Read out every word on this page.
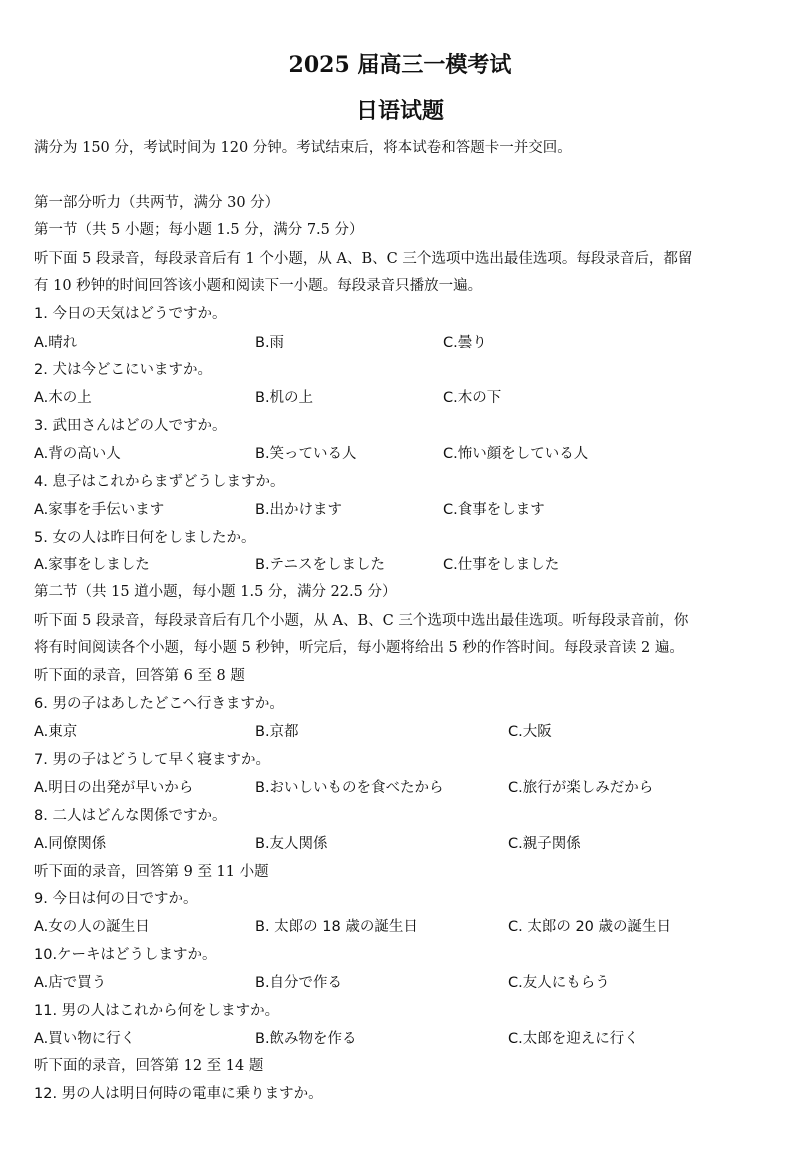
2025 届高三一模考试
日语试题
满分为 150 分，考试时间为 120 分钟。考试结束后，将本试卷和答题卡一并交回。
第一部分听力（共两节，满分 30 分）
第一节（共 5 小题；每小题 1.5 分，满分 7.5 分）
听下面 5 段录音，每段录音后有 1 个小题，从 A、B、C 三个选项中选出最佳选项。每段录音后，都留
有 10 秒钟的时间回答该小题和阅读下一小题。每段录音只播放一遍。
1. 今日の天気はどうですか。
A.晴れ	B.雨	C.曇り
2. 犬は今どこにいますか。
A.木の上	B.机の上	C.木の下
3. 武田さんはどの人ですか。
A.背の高い人	B.笑っている人	C.怖い顔をしている人
4. 息子はこれからまずどうしますか。
A.家事を手伝います	B.出かけます	C.食事をします
5. 女の人は昨日何をしましたか。
A.家事をしました	B.テニスをしました	C.仕事をしました
第二节（共 15 道小题，每小题 1.5 分，满分 22.5 分）
听下面 5 段录音，每段录音后有几个小题，从 A、B、C 三个选项中选出最佳选项。听每段录音前，你
将有时间阅读各个小题，每小题 5 秒钟，听完后，每小题将给出 5 秒的作答时间。每段录音读 2 遍。
听下面的录音，回答第 6 至 8 题
6. 男の子はあしたどこへ行きますか。
A.東京	B.京都	C.大阪
7. 男の子はどうして早く寝ますか。
A.明日の出発が早いから	B.おいしいものを食べたから	C.旅行が楽しみだから
8. 二人はどんな関係ですか。
A.同僚関係	B.友人関係	C.親子関係
听下面的录音，回答第 9 至 11 小题
9. 今日は何の日ですか。
A.女の人の誕生日	B. 太郎の 18 歳の誕生日	C. 太郎の 20 歳の誕生日
10.ケーキはどうしますか。
A.店で買う	B.自分で作る	C.友人にもらう
11. 男の人はこれから何をしますか。
A.買い物に行く	B.飲み物を作る	C.太郎を迎えに行く
听下面的录音，回答第 12 至 14 题
12. 男の人は明日何時の電車に乗りますか。
